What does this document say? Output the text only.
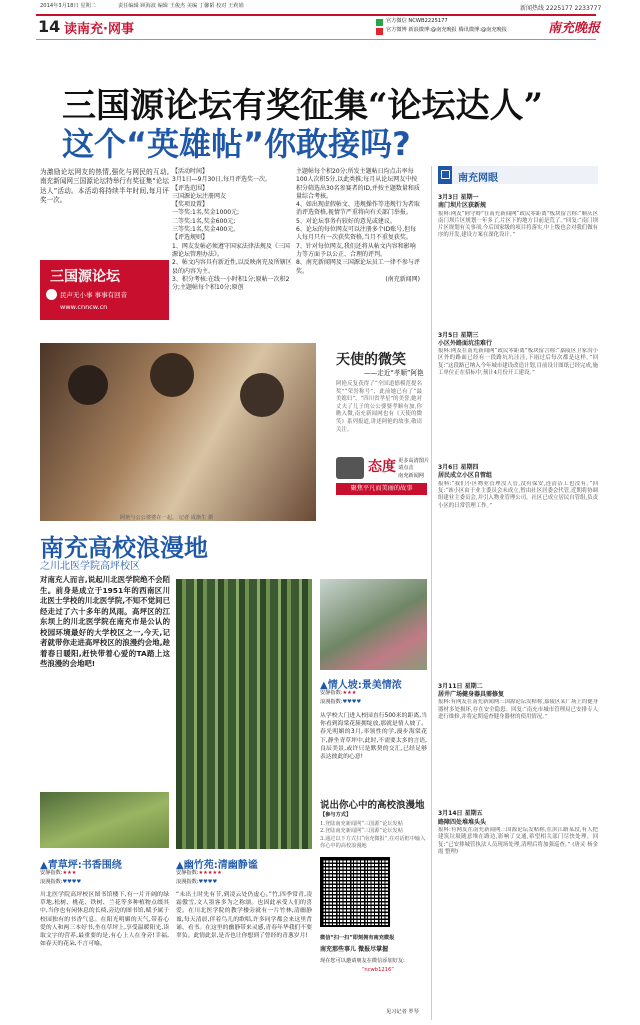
2014年3月18日 星期二	责任编辑 顾海波 编辑 王俊杰 美编 丁馨韬 校对 王莉娟	新闻热线 2225177 2233777
14 读南充·网事
官方微信 NCWB2225177
官方微博 新浪微博:@南充晚报 腾讯微博:@南充晚报	南充晚报
三国源论坛有奖征集“论坛达人”
这个“英雄帖”你敢接吗?
为激励论坛网友的热情,强化与网民的互动,南充新闻网三国源论坛特举行有奖征集“论坛达人”活动。本活动将持续半年时间,每月评奖一次。
三国源论坛
民声无小事 事事有回音
www.cnncw.cn
【活动时间】
3月1日—9月30日,每月评选奖一次。
【评选范围】
三国源论坛注册网友
【奖项设置】
一等奖:1名,奖金1000元;
二等奖:1名,奖金600元;
三等奖:1名,奖金400元。
【评选规则】
1、网友发帖必须遵守国家法律法规及《三国源论坛管理办法》。
2、帖文内容具有新近性,以反映南充及所辖区县的内容为主。
3、积分考核:在线一小时积1分;原帖一次积2分;主题帖每个积10分;原创
主题帖每个积20分;所发主题帖日均点击率每100人次积5分,以此类推;每月从论坛网友中按积分筛选出30名参赛者的ID,并按主题数量和质量综合考核。
4、如出现虚假帖文、违规操作等违规行为者取消评选资格,视情节严重将向有关部门举报。
5、对论坛事务有较好的意见或建议。
6、论坛的每位网友可以注册多个ID账号,但每人每月只有一次获奖资格,当月不重复获奖。
7、针对每位网友,我们还将从帖文内容和影响力等方面予以公正、合理的评判。
8、南充新闻网及三国源论坛员工一律不参与评奖。
(南充新闻网)
阿艳与公公婆婆在一起。 记者 成渐生 摄
天使的微笑
——走近“孝顺”阿艳
阿艳反复获得了“全国道德模范提名奖”“荣誉称号”、此前她已有了“最美媳妇”、“四川省孝星”的美誉,她对丈夫了儿子的公公婆婆孝顺有加,你瞧入微,南充新闻网也有《天使的微笑》系列报道,讲述阿艳的故事,敬请关注。
态度 更多高清图片请点击
南充新闻网
聚焦平凡而美丽的故事
南充高校浪漫地
之川北医学院高坪校区
对南充人而言,说起川北医学院绝不会陌生。前身是成立于1951年的西南区川北医士学校的川北医学院,不知不觉间已经走过了六十多年的风雨。高坪区的江东坝上的川北医学院在南充市是公认的校园环境最好的大学校区之一,今天,记者就带你走进高坪校区的浪漫约会地,趁着春日暖阳,赶快带着心爱的TA踏上这些浪漫的会地吧!
▲青草坪:书香围绕
安静指数:★★★
浪漫指数:♥♥♥♥
川北医学院高坪校区图书馆楼下,有一片开阔的绿草地,松树、桃花、铁树、兰花等多种植物点缀其中,当你也有闲休息的长椅,旁边的图书馆,赋予属于校园独有的书香气息。在阳光明媚的天气,带着心爱的人和两三本好书,坐在草坪上,享受温暖阳光,读取文字的营养,最重要的是,有心上人在身旁!幸福,如春天的花朵,不言可喻。
▲幽竹苑:清幽静谧
安静指数:★★★★★
浪漫指数:♥♥♥♥
“未出土时先有节,到凌云处仍虚心。”竹,四季常青,凌霜傲雪,文人墨客多为之称颂。也因此承受人们的喜爱。在川北医学院的教学楼旁就有一片竹林,清幽静谧,每天清晨,伴着鸟儿的歌唱,许多同学都会来这里背诵、看书。在这里的幽静带来灵感,青春年华我们不要辜负。此情此景,是否也让你想到了曾经的青葱岁月!
▲情人坡:景美情浓
安静指数:★★★
浪漫指数:♥♥♥♥
从学校大门进入校园直行500米的距离,当你看到海棠花簇拥绽放,那就是情人坡了。春光明媚的3月,率领性的学,漫步海棠花下,静坐青草坪中,此时,不需要太多的言语,良辰美景,或许只是默契的交汇,已经足够表达彼此的心意!
说出你心中的高校浪漫地
【参与方式】
1.登陆南充新闻网“三国源”论坛发帖
2.登陆南充新闻网“三国源”论坛发帖
3.通过以下方式扫“南充微报”,在对话框中输入你心中的高校浪漫地
微信“扫一扫”即刻拥有南充微报
南充那些事儿 微报尽掌握
现在您可以邀请朋友在微信添加好友:
“ncwb1216”
见习记者 罗琴
南充网眼
3月3日 星期一
南门坝片区获新规
报料:网友“阿守姆”在南充新闻网“政民零距离”板块留言称:“顺庆区南门坝片区规划一年多了,片区下的地方目前是荒了。”回复:“南门坝片区规划有关事项,今后国家级的项目将落实,中上级也会对我们做有序的开发,建设方案在深化设计。”
3月5日 星期三
小区外路面坑洼难行
报料:网友在南充新闻网“政民零距离”板块留言称:“嘉陵区卫家沟小区外的路面已经有一段路坑坑洼洼,下雨过后每次都是这样。”回复:“这段路已纳入今年城市建设改造计划,目前设计图纸已经完成,施工单位正在招标中,预计4月份开工建设。”
3月6日 星期四
居民成立小区自管组
报料:“我们小区物业管理没人管,没有保安,连清洁工也没有。”回复:“该小区由于业主委员会未成立,暂由社区居委会代管,近期将协调组建业主委员会,并引入物业管理公司。社区已成立居民自管组,负责小区的日常管理工作。”
3月11日 星期二
居井广场健身器具需修复
报料:有网友在南充新闻网三国源论坛发帖称,嘉陵区某广场上的健身器材多处损坏,存在安全隐患。回复:“南充市城市管理局已安排专人进行维修,并将定期巡查健身器材的使用情况。”
3月14日 星期五
路障四处堆堆头头
报料:有网友在南充新闻网三国源论坛发帖称,在滨江路某段,有人把建筑垃圾随意堆在路边,影响了交通,希望相关部门尽快处理。回复:“已安排城管执法人员现场处理,清理后将加强巡查。” (唐灵 杨金霞 整理)
